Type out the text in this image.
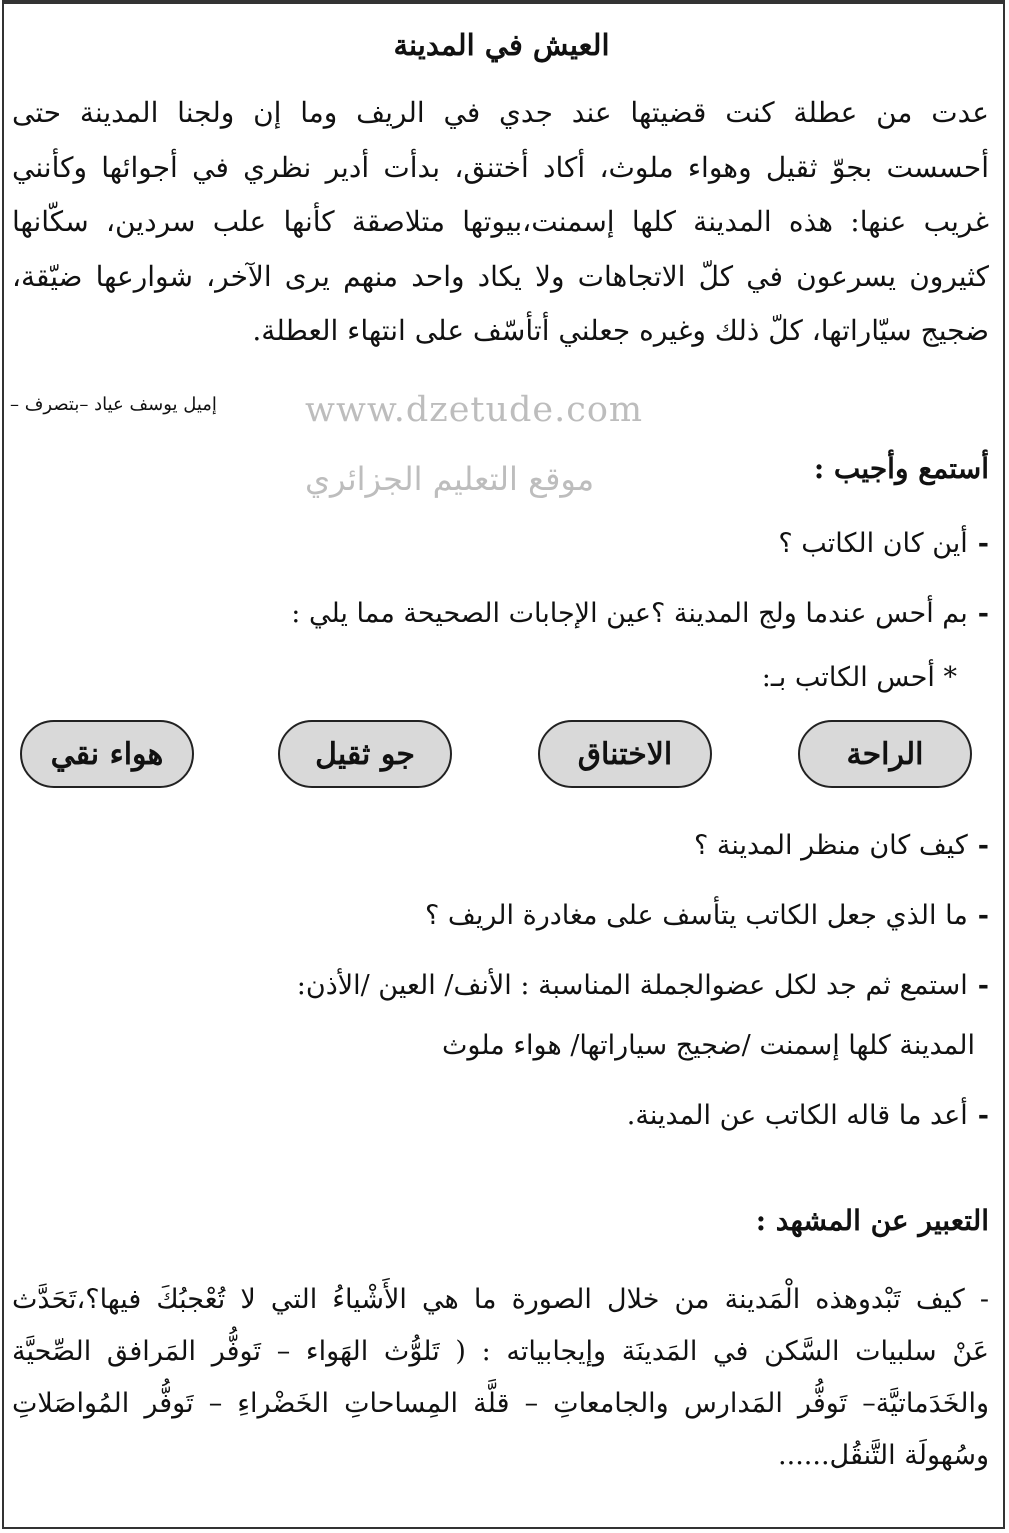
العيش في المدينة
عدت من عطلة كنت قضيتها عند جدي في الريف وما إن ولجنا المدينة حتى
أحسست بجوّ ثقيل وهواء ملوث، أكاد أختنق، بدأت أدير نظري في أجوائها وكأنني
غريب عنها: هذه المدينة كلها إسمنت،بيوتها متلاصقة كأنها علب سردين، سكّانها
كثيرون يسرعون في كلّ الاتجاهات ولا يكاد واحد منهم يرى الآخر، شوارعها ضيّقة،
ضجيج سيّاراتها، كلّ ذلك وغيره جعلني أتأسّف على انتهاء العطلة.
إميل يوسف عياد –بتصرف –	www.dzetude.com
موقع التعليم الجزائري	أستمع وأجيب :
-أين كان الكاتب ؟
-بم أحس عندما ولج المدينة ؟عين الإجابات الصحيحة مما يلي :
* أحس الكاتب بـ:
الراحة
الاختناق
جو ثقيل
هواء نقي
-كيف كان منظر المدينة ؟
-ما الذي جعل الكاتب يتأسف على مغادرة الريف ؟
-استمع ثم جد لكل عضوالجملة المناسبة : الأنف/ العين /الأذن:
المدينة كلها إسمنت /ضجيج سياراتها/ هواء ملوث
-أعد ما قاله الكاتب عن المدينة.
التعبير عن المشهد :
- كيف تَبْدوهذه الْمَدينة من خلال الصورة ما هي الأَشْياءُ التي لا تُعْجبُكَ فيها؟،تَحَدَّث
عَنْ سلبيات السَّكن في المَدينَة وإيجابياته : ( تَلوُّث الهَواء – تَوفُّر المَرافق الصِّحيَّة
والخَدَماتيَّة– تَوفُّر المَدارس والجامعاتِ – قلَّة المِساحاتِ الخَضْراءِ – تَوفُّر المُواصَلاتِ
وسُهولَة التَّنقُل......
